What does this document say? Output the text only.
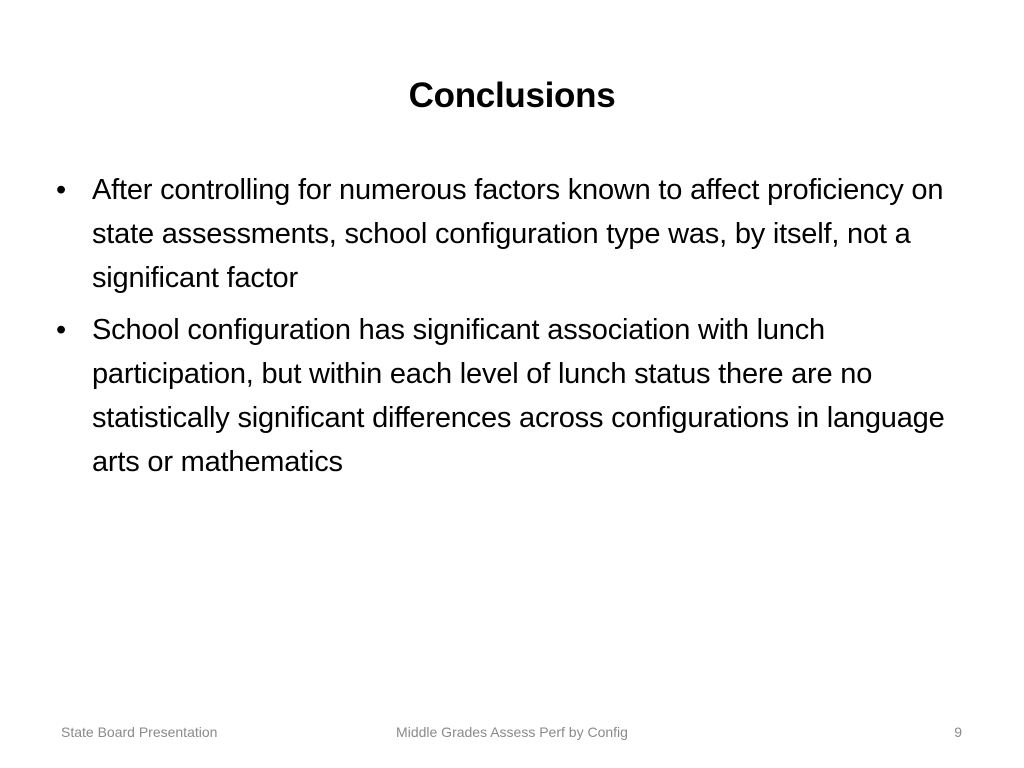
Conclusions
• After controlling for numerous factors known to affect proficiency on state assessments, school configuration type was, by itself, not a significant factor
• School configuration has significant association with lunch participation, but within each level of lunch status there are no statistically significant differences across configurations in language arts or mathematics
State Board Presentation	Middle Grades Assess Perf by Config	9
